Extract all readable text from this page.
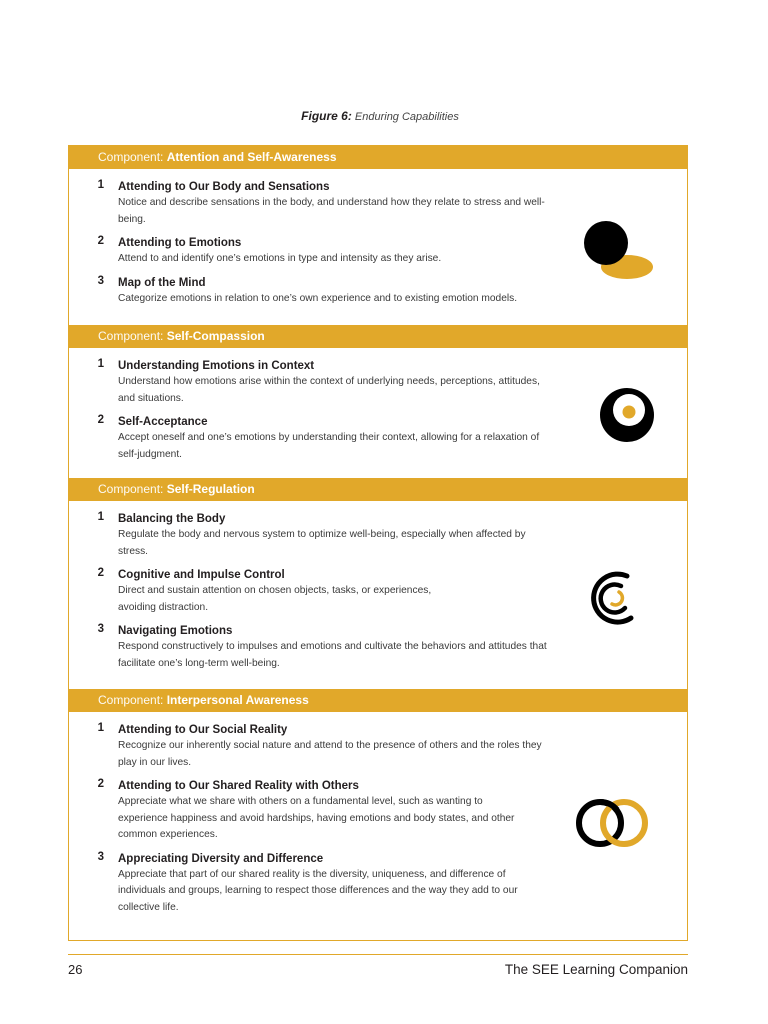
Figure 6: Enduring Capabilities
Component: Attention and Self-Awareness
1	Attending to Our Body and Sensations
Notice and describe sensations in the body, and understand how they relate to stress and well-being.
2	Attending to Emotions
Attend to and identify one’s emotions in type and intensity as they arise.
3	Map of the Mind
Categorize emotions in relation to one’s own experience and to existing emotion models.
Component: Self-Compassion
1	Understanding Emotions in Context
Understand how emotions arise within the context of underlying needs, perceptions, attitudes, and situations.
2	Self-Acceptance
Accept oneself and one’s emotions by understanding their context, allowing for a relaxation of self-judgment.
Component: Self-Regulation
1	Balancing the Body
Regulate the body and nervous system to optimize well-being, especially when affected by stress.
2	Cognitive and Impulse Control
Direct and sustain attention on chosen objects, tasks, or experiences, avoiding distraction.
3	Navigating Emotions
Respond constructively to impulses and emotions and cultivate the behaviors and attitudes that facilitate one’s long-term well-being.
Component: Interpersonal Awareness
1	Attending to Our Social Reality
Recognize our inherently social nature and attend to the presence of others and the roles they play in our lives.
2	Attending to Our Shared Reality with Others
Appreciate what we share with others on a fundamental level, such as wanting to experience happiness and avoid hardships, having emotions and body states, and other common experiences.
3	Appreciating Diversity and Difference
Appreciate that part of our shared reality is the diversity, uniqueness, and difference of individuals and groups, learning to respect those differences and the way they add to our collective life.
26	The SEE Learning Companion
